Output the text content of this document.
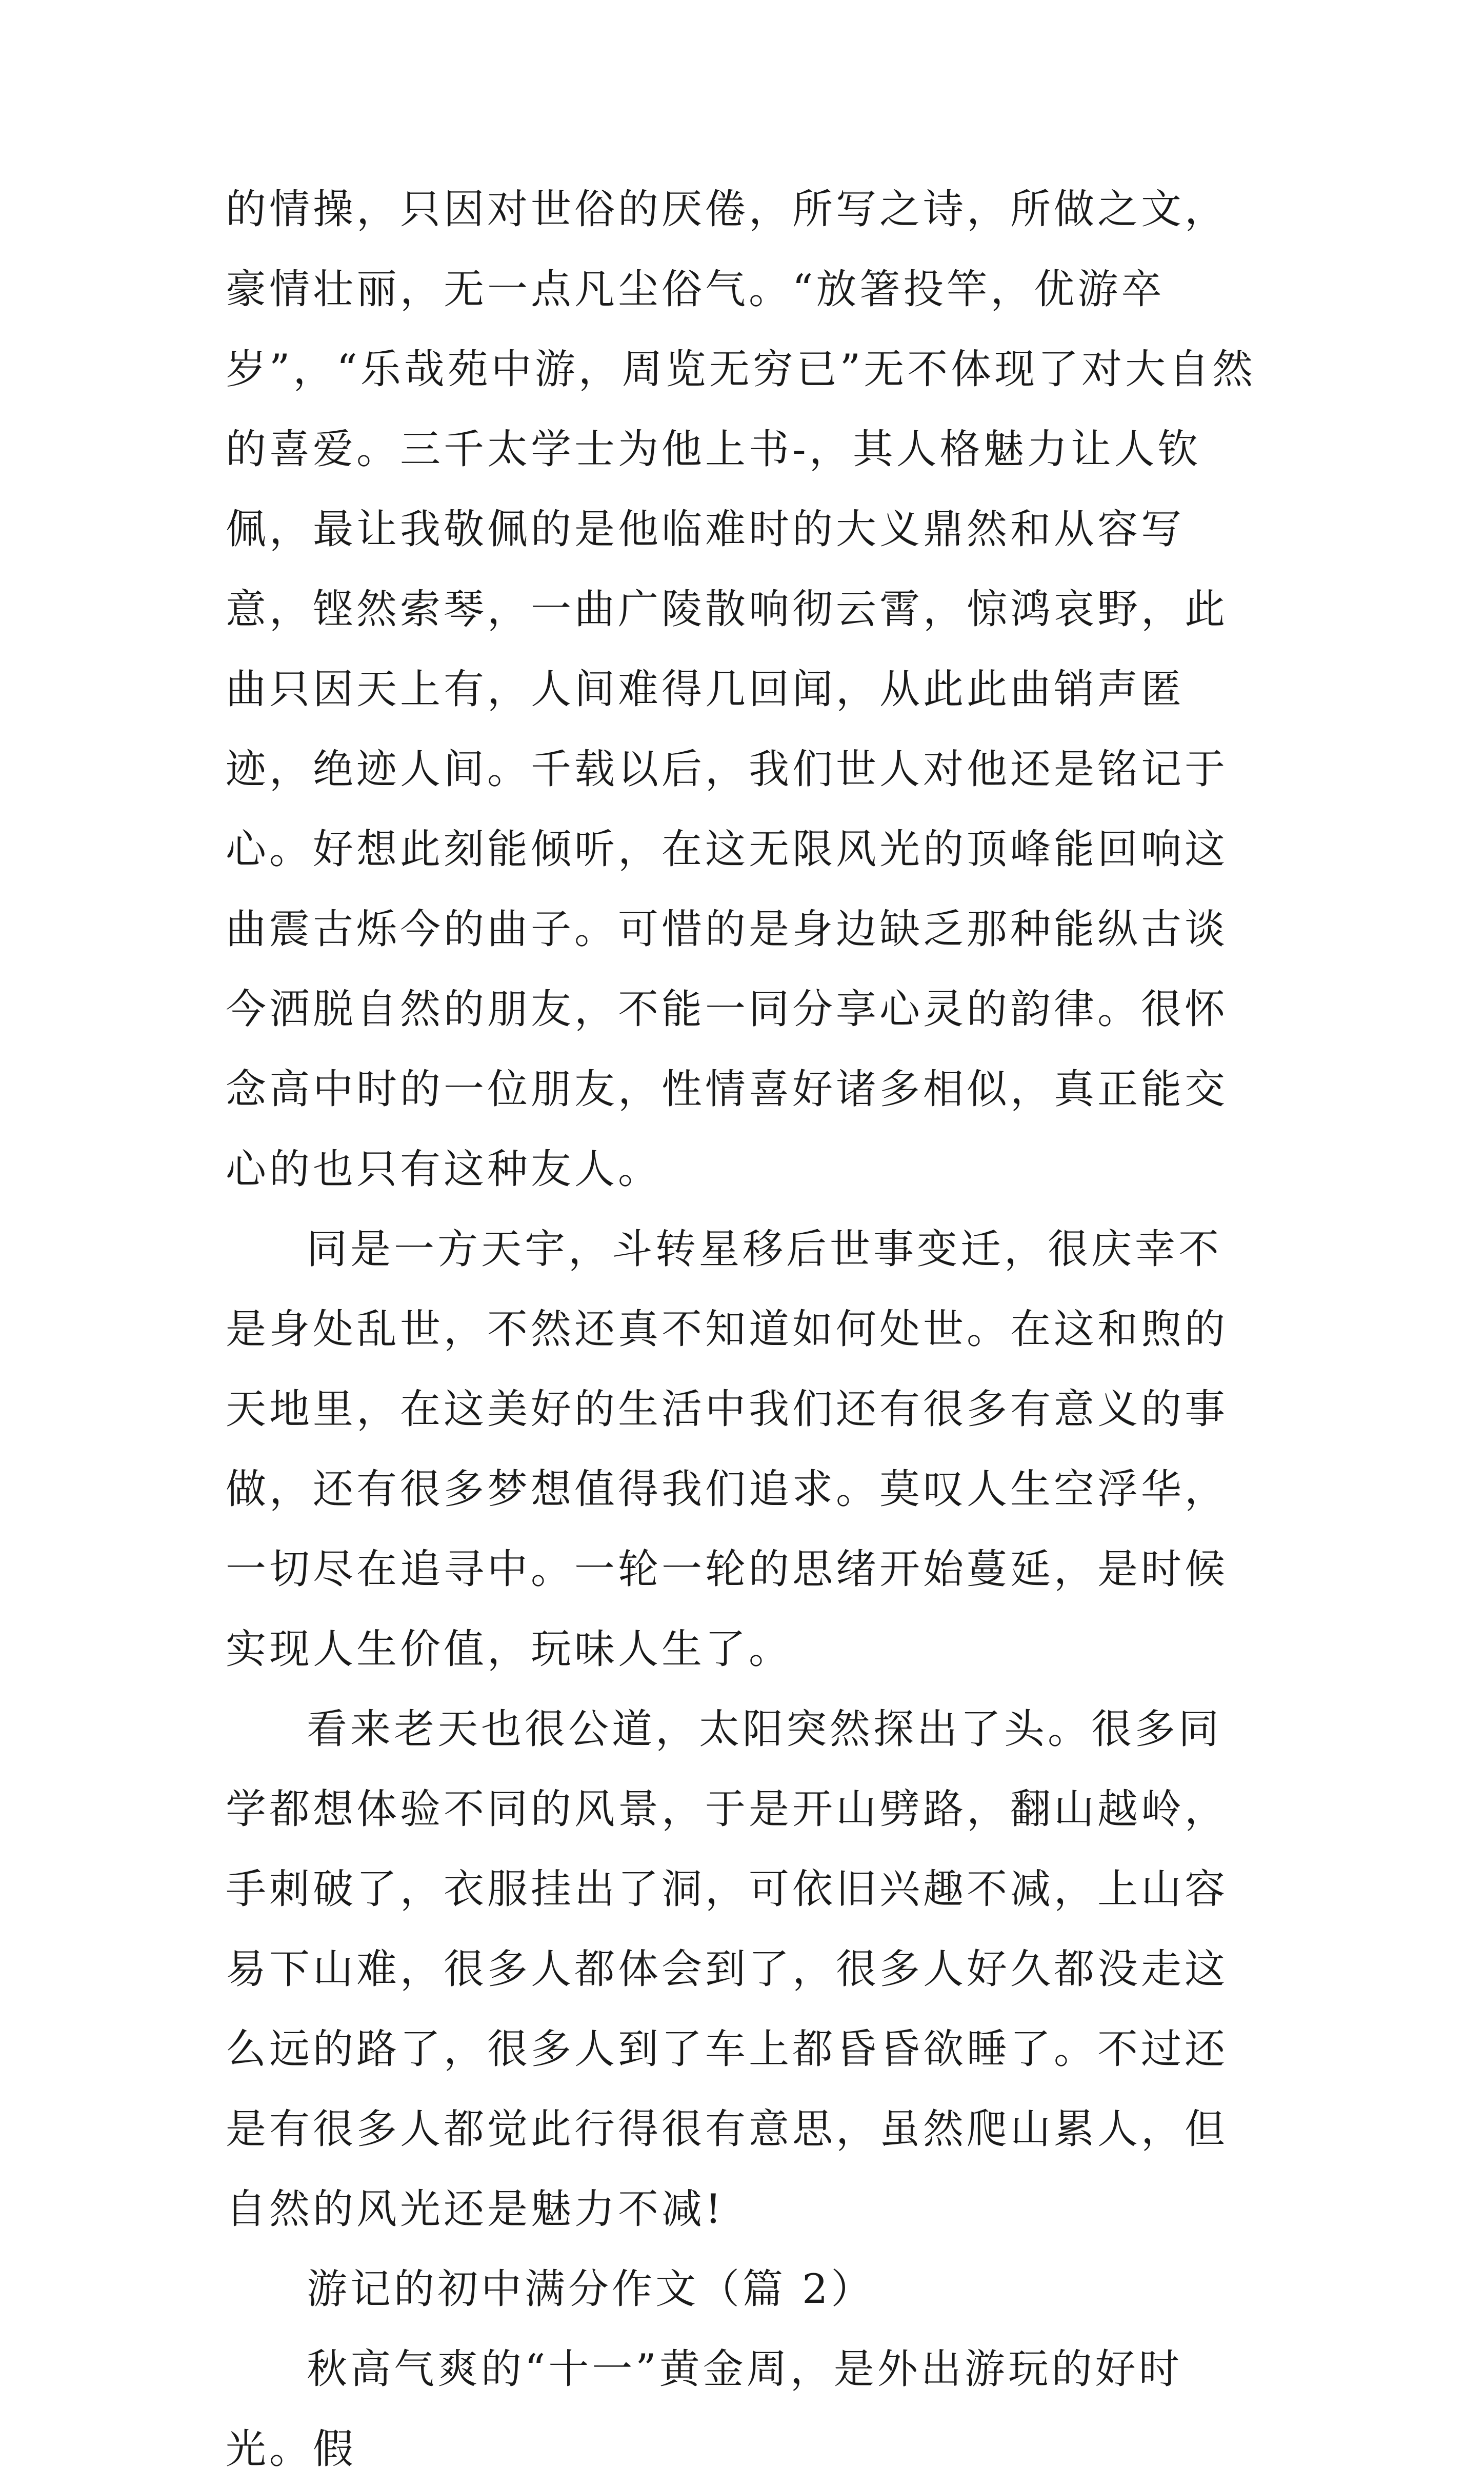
的情操，只因对世俗的厌倦，所写之诗，所做之文，豪情壮丽，无一点凡尘俗气。“放箸投竿，优游卒岁”，“乐哉苑中游，周览无穷已”无不体现了对大自然的喜爱。三千太学士为他上书-，其人格魅力让人钦佩，最让我敬佩的是他临难时的大义鼎然和从容写意，铿然索琴，一曲广陵散响彻云霄，惊鸿哀野，此曲只因天上有，人间难得几回闻，从此此曲销声匿迹，绝迹人间。千载以后，我们世人对他还是铭记于心。好想此刻能倾听，在这无限风光的顶峰能回响这曲震古烁今的曲子。可惜的是身边缺乏那种能纵古谈今洒脱自然的朋友，不能一同分享心灵的韵律。很怀念高中时的一位朋友，性情喜好诸多相似，真正能交心的也只有这种友人。

同是一方天宇，斗转星移后世事变迁，很庆幸不是身处乱世，不然还真不知道如何处世。在这和煦的天地里，在这美好的生活中我们还有很多有意义的事做，还有很多梦想值得我们追求。莫叹人生空浮华，一切尽在追寻中。一轮一轮的思绪开始蔓延，是时候实现人生价值，玩味人生了。

看来老天也很公道，太阳突然探出了头。很多同学都想体验不同的风景，于是开山劈路，翻山越岭，手刺破了，衣服挂出了洞，可依旧兴趣不减，上山容易下山难，很多人都体会到了，很多人好久都没走这么远的路了，很多人到了车上都昏昏欲睡了。不过还是有很多人都觉此行得很有意思，虽然爬山累人，但自然的风光还是魅力不减!

游记的初中满分作文（篇 2）

秋高气爽的“十一”黄金周，是外出游玩的好时光。假
